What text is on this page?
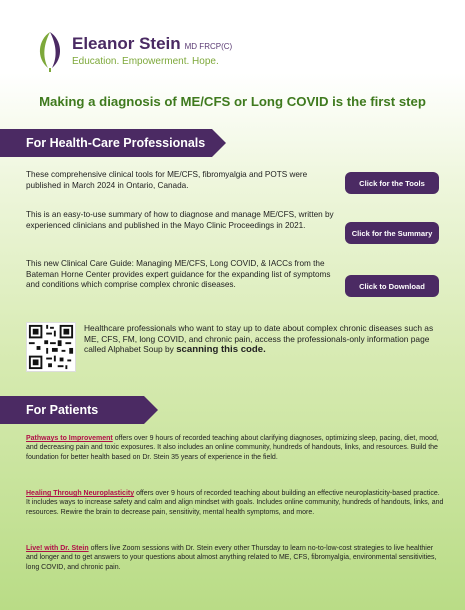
Eleanor Stein MD FRCP(C)
Education. Empowerment. Hope.
Making a diagnosis of ME/CFS or Long COVID is the first step
For Health-Care Professionals
These comprehensive clinical tools for ME/CFS, fibromyalgia and POTS were published in March 2024 in Ontario, Canada.	Click for the Tools
This is an easy-to-use summary of how to diagnose and manage ME/CFS, written by experienced clinicians and published in the Mayo Clinic Proceedings in 2021.
Click for the Summary
This new Clinical Care Guide: Managing ME/CFS, Long COVID, & IACCs from the Bateman Horne Center provides expert guidance for the expanding list of symptoms and conditions which comprise complex chronic diseases.	Click to Download
Healthcare professionals who want to stay up to date about complex chronic diseases such as ME, CFS, FM, long COVID, and chronic pain, access the professionals-only information page called Alphabet Soup by scanning this code.
For Patients
Pathways to Improvement offers over 9 hours of recorded teaching about clarifying diagnoses, optimizing sleep, pacing, diet, mood, and decreasing pain and toxic exposures. It also includes an online community, hundreds of handouts, links, and resources. Build the foundation for better health based on Dr. Stein 35 years of experience in the field.
Healing Through Neuroplasticity offers over 9 hours of recorded teaching about building an effective neuroplasticity-based practice. It includes ways to increase safety and calm and align mindset with goals. Includes online community, hundreds of handouts, links, and resources. Rewire the brain to decrease pain, sensitivity, mental health symptoms, and more.
Live! with Dr. Stein offers live Zoom sessions with Dr. Stein every other Thursday to learn no-to-low-cost strategies to live healthier and longer and to get answers to your questions about almost anything related to ME, CFS, fibromyalgia, environmental sensitivities, long COVID, and chronic pain.
